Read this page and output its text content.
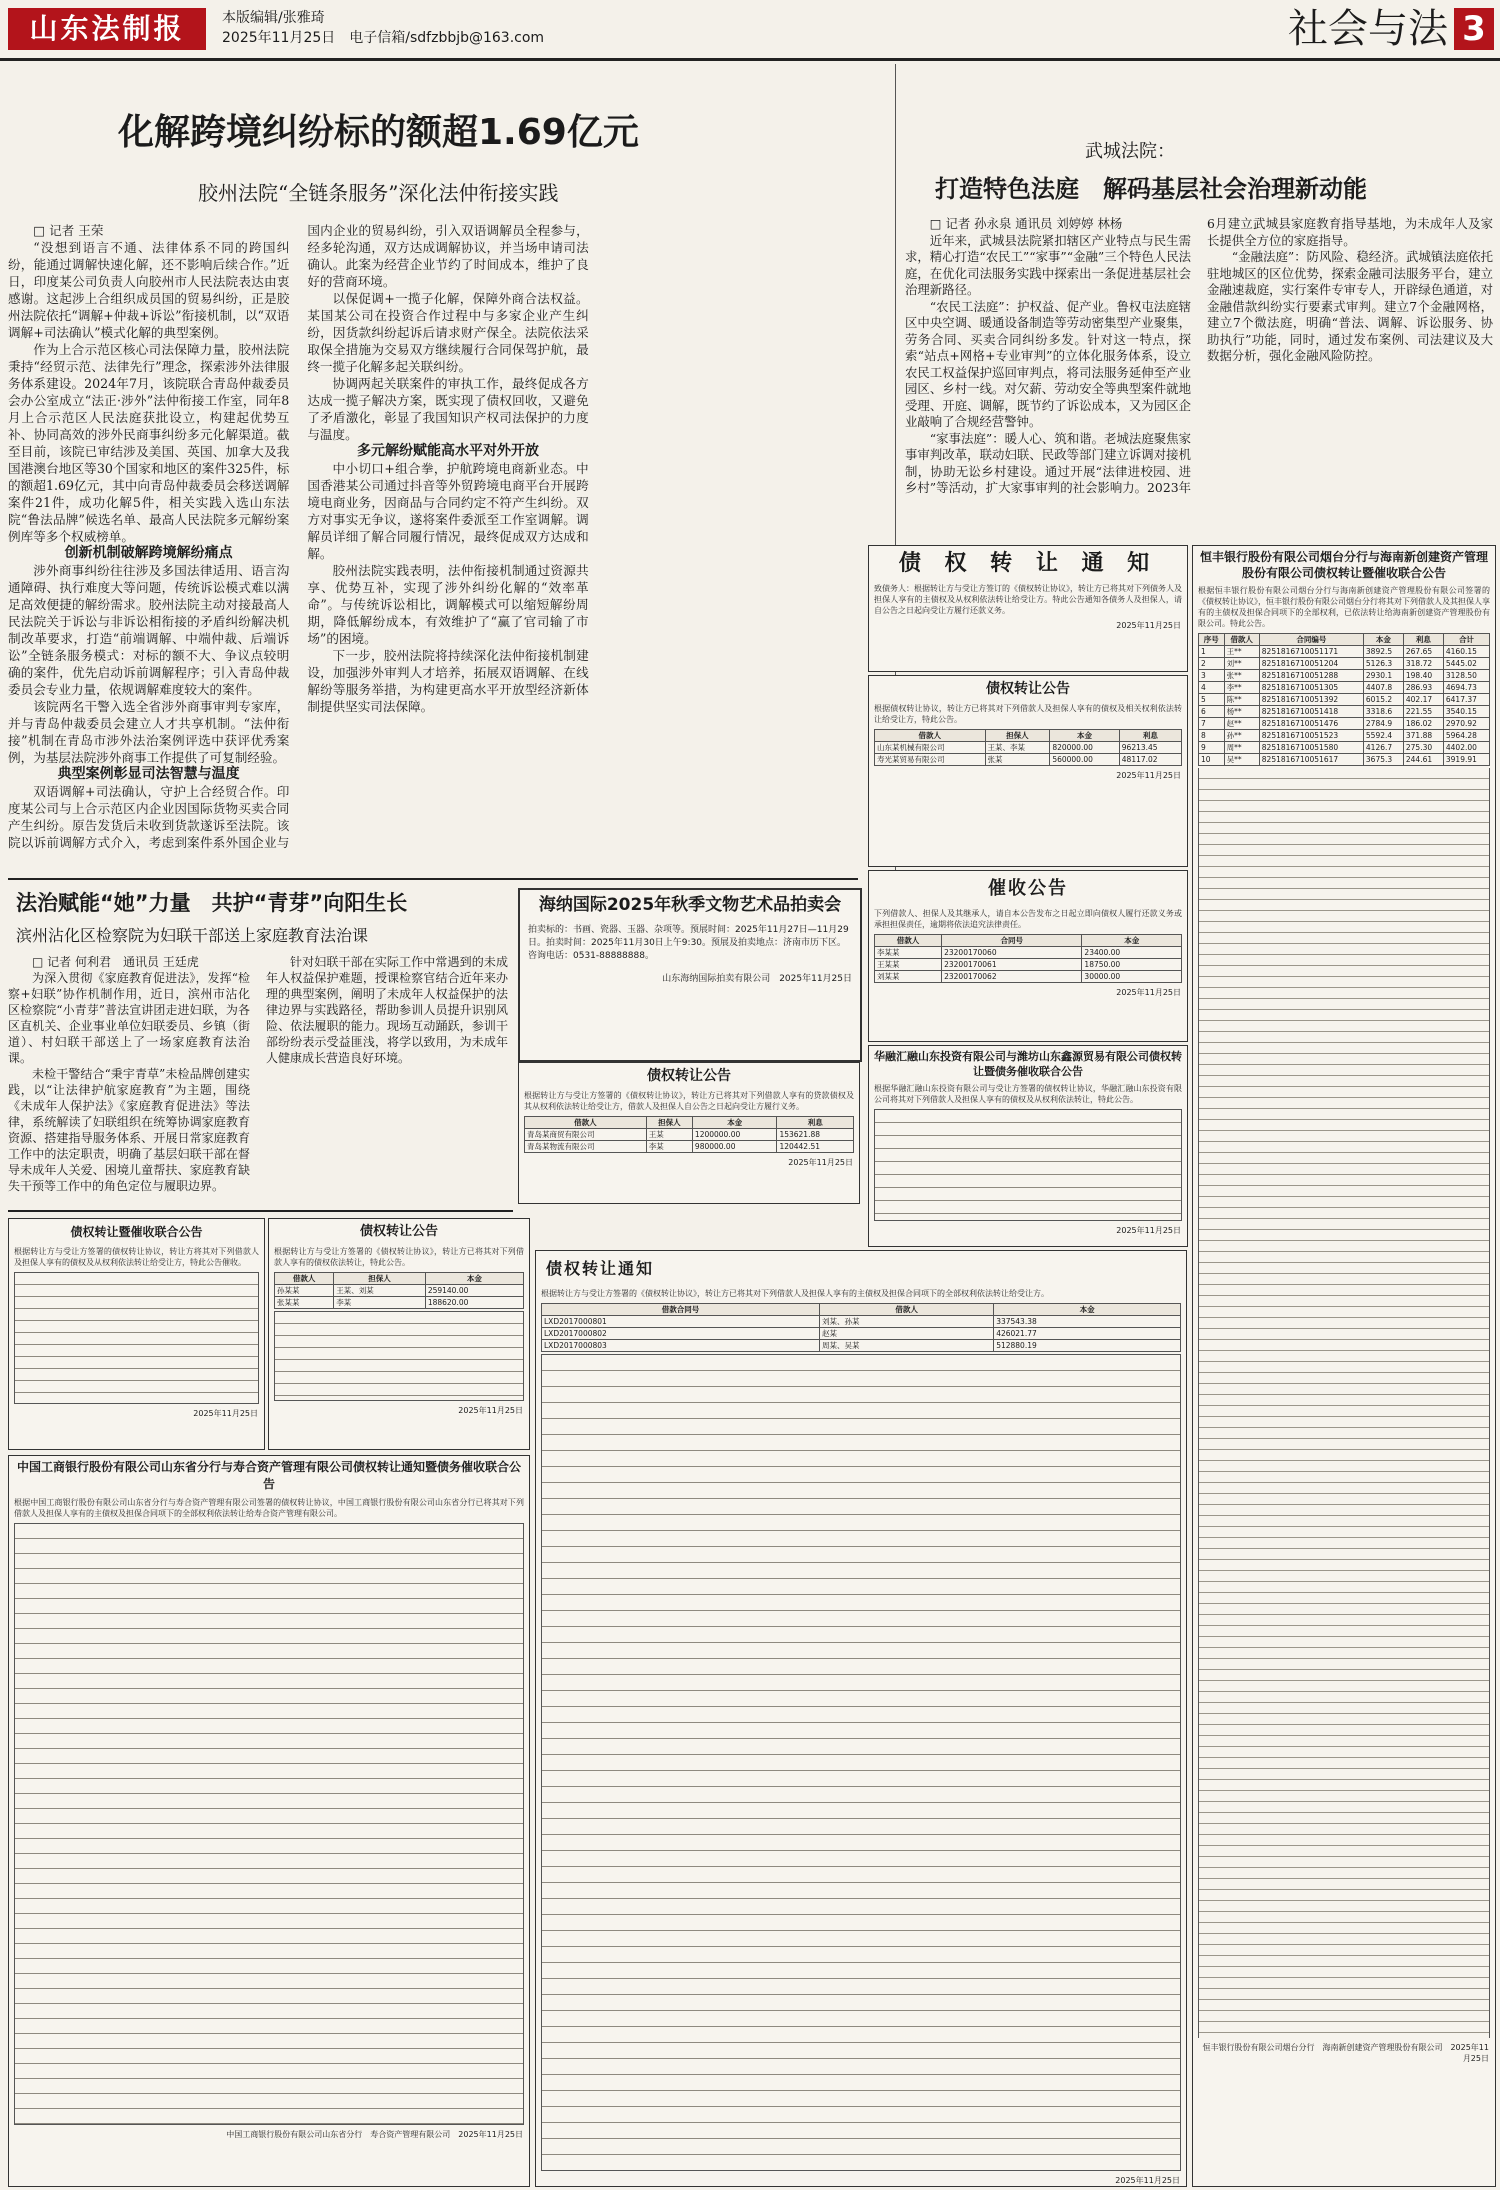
山东法制报	本版编辑/张雅琦
2025年11月25日　 电子信箱/sdfzbbjb@163.com	社会与法 3
化解跨境纠纷标的额超1.69亿元
胶州法院“全链条服务”深化法仲衔接实践

□ 记者 王荣

“没想到语言不通、法律体系不同的跨国纠纷，能通过调解快速化解，还不影响后续合作。”近日，印度某公司负责人向胶州市人民法院表达由衷感谢。这起涉上合组织成员国的贸易纠纷，正是胶州法院依托“调解+仲裁+诉讼”衔接机制，以“双语调解+司法确认”模式化解的典型案例。

作为上合示范区核心司法保障力量，胶州法院秉持“经贸示范、法律先行”理念，探索涉外法律服务体系建设。2024年7月，该院联合青岛仲裁委员会办公室成立“法正·涉外”法仲衔接工作室，同年8月上合示范区人民法庭获批设立，构建起优势互补、协同高效的涉外民商事纠纷多元化解渠道。截至目前，该院已审结涉及美国、英国、加拿大及我国港澳台地区等30个国家和地区的案件325件，标的额超1.69亿元，其中向青岛仲裁委员会移送调解案件21件，成功化解5件，相关实践入选山东法院“鲁法品牌”候选名单、最高人民法院多元解纷案例库等多个权威榜单。

创新机制破解跨境解纷痛点

涉外商事纠纷往往涉及多国法律适用、语言沟通障碍、执行难度大等问题，传统诉讼模式难以满足高效便捷的解纷需求。胶州法院主动对接最高人民法院关于诉讼与非诉讼相衔接的矛盾纠纷解决机制改革要求，打造“前端调解、中端仲裁、后端诉讼”全链条服务模式：对标的额不大、争议点较明确的案件，优先启动诉前调解程序；引入青岛仲裁委员会专业力量，依规调解难度较大的案件。

该院两名干警入选全省涉外商事审判专家库，并与青岛仲裁委员会建立人才共享机制。“法仲衔接”机制在青岛市涉外法治案例评选中获评优秀案例，为基层法院涉外商事工作提供了可复制经验。

典型案例彰显司法智慧与温度

双语调解+司法确认，守护上合经贸合作。印度某公司与上合示范区内企业因国际货物买卖合同产生纠纷。原告发货后未收到货款遂诉至法院。该院以诉前调解方式介入，考虑到案件系外国企业与国内企业的贸易纠纷，引入双语调解员全程参与，经多轮沟通，双方达成调解协议，并当场申请司法确认。此案为经营企业节约了时间成本，维护了良好的营商环境。

以保促调+一揽子化解，保障外商合法权益。某国某公司在投资合作过程中与多家企业产生纠纷，因货款纠纷起诉后请求财产保全。法院依法采取保全措施为交易双方继续履行合同保驾护航，最终一揽子化解多起关联纠纷。

协调两起关联案件的审执工作，最终促成各方达成一揽子解决方案，既实现了债权回收，又避免了矛盾激化，彰显了我国知识产权司法保护的力度与温度。

多元解纷赋能高水平对外开放

中小切口+组合拳，护航跨境电商新业态。中国香港某公司通过抖音等外贸跨境电商平台开展跨境电商业务，因商品与合同约定不符产生纠纷。双方对事实无争议，遂将案件委派至工作室调解。调解员详细了解合同履行情况，最终促成双方达成和解。

胶州法院实践表明，法仲衔接机制通过资源共享、优势互补，实现了涉外纠纷化解的“效率革命”。与传统诉讼相比，调解模式可以缩短解纷周期，降低解纷成本，有效维护了“赢了官司输了市场”的困境。

下一步，胶州法院将持续深化法仲衔接机制建设，加强涉外审判人才培养，拓展双语调解、在线解纷等服务举措，为构建更高水平开放型经济新体制提供坚实司法保障。

武城法院：
打造特色法庭　解码基层社会治理新动能

□ 记者 孙永泉 通讯员 刘婷婷 林杨

近年来，武城县法院紧扣辖区产业特点与民生需求，精心打造“农民工”“家事”“金融”三个特色人民法庭，在优化司法服务实践中探索出一条促进基层社会治理新路径。

“农民工法庭”：护权益、促产业。鲁权屯法庭辖区中央空调、暖通设备制造等劳动密集型产业聚集，劳务合同、买卖合同纠纷多发。针对这一特点，探索“站点+网格+专业审判”的立体化服务体系，设立农民工权益保护巡回审判点，将司法服务延伸至产业园区、乡村一线。对欠薪、劳动安全等典型案件就地受理、开庭、调解，既节约了诉讼成本，又为园区企业敲响了合规经营警钟。

“家事法庭”：暖人心、筑和谐。老城法庭聚焦家事审判改革，联动妇联、民政等部门建立诉调对接机制，协助无讼乡村建设。通过开展“法律进校园、进乡村”等活动，扩大家事审判的社会影响力。2023年6月建立武城县家庭教育指导基地，为未成年人及家长提供全方位的家庭指导。

“金融法庭”：防风险、稳经济。武城镇法庭依托驻地城区的区位优势，探索金融司法服务平台，建立金融速裁庭，实行案件专审专人，开辟绿色通道，对金融借款纠纷实行要素式审判。建立7个金融网格，建立7个微法庭，明确“普法、调解、诉讼服务、协助执行”功能，同时，通过发布案例、司法建议及大数据分析，强化金融风险防控。

债 权 转 让 通 知
致债务人：根据转让方与受让方签订的《债权转让协议》，转让方已将其对下列债务人及担保人享有的主债权及从权利依法转让给受让方。特此公告通知各债务人及担保人，请自公告之日起向受让方履行还款义务。
2025年11月25日
恒丰银行股份有限公司烟台分行与海南新创建资产管理股份有限公司债权转让暨催收联合公告
根据恒丰银行股份有限公司烟台分行与海南新创建资产管理股份有限公司签署的《债权转让协议》，恒丰银行股份有限公司烟台分行将其对下列借款人及其担保人享有的主债权及担保合同项下的全部权利，已依法转让给海南新创建资产管理股份有限公司。特此公告。
序号	借款人	合同编号	本金	利息	合计
1	王**	8251816710051171	3892.5	267.65	4160.15
2	刘**	8251816710051204	5126.3	318.72	5445.02
3	张**	8251816710051288	2930.1	198.40	3128.50
4	李**	8251816710051305	4407.8	286.93	4694.73
5	陈**	8251816710051392	6015.2	402.17	6417.37
6	杨**	8251816710051418	3318.6	221.55	3540.15
7	赵**	8251816710051476	2784.9	186.02	2970.92
8	孙**	8251816710051523	5592.4	371.88	5964.28
9	周**	8251816710051580	4126.7	275.30	4402.00
10	吴**	8251816710051617	3675.3	244.61	3919.91
恒丰银行股份有限公司烟台分行　海南新创建资产管理股份有限公司　2025年11月25日
债权转让公告
根据债权转让协议，转让方已将其对下列借款人及担保人享有的债权及相关权利依法转让给受让方，特此公告。
借款人	担保人	本金	利息
山东某机械有限公司	王某、李某	820000.00	96213.45
寿光某贸易有限公司	张某	560000.00	48117.02
2025年11月25日
法治赋能“她”力量　共护“青芽”向阳生长
滨州沾化区检察院为妇联干部送上家庭教育法治课

□ 记者 何利君　通讯员 王廷虎

为深入贯彻《家庭教育促进法》，发挥“检察+妇联”协作机制作用，近日，滨州市沾化区检察院“小青芽”普法宣讲团走进妇联，为各区直机关、企业事业单位妇联委员、乡镇（街道）、村妇联干部送上了一场家庭教育法治课。

未检干警结合“秉宇青草”未检品牌创建实践，以“让法律护航家庭教育”为主题，围绕《未成年人保护法》《家庭教育促进法》等法律，系统解读了妇联组织在统筹协调家庭教育资源、搭建指导服务体系、开展日常家庭教育工作中的法定职责，明确了基层妇联干部在督导未成年人关爱、困境儿童帮扶、家庭教育缺失干预等工作中的角色定位与履职边界。

针对妇联干部在实际工作中常遇到的未成年人权益保护难题，授课检察官结合近年来办理的典型案例，阐明了未成年人权益保护的法律边界与实践路径，帮助参训人员提升识别风险、依法履职的能力。现场互动踊跃，参训干部纷纷表示受益匪浅，将学以致用，为未成年人健康成长营造良好环境。

海纳国际2025年秋季文物艺术品拍卖会
拍卖标的：书画、瓷器、玉器、杂项等。预展时间：2025年11月27日—11月29日。拍卖时间：2025年11月30日上午9:30。预展及拍卖地点：济南市历下区。咨询电话：0531-88888888。
山东海纳国际拍卖有限公司　2025年11月25日
债权转让公告
根据转让方与受让方签署的《债权转让协议》，转让方已将其对下列借款人享有的贷款债权及其从权利依法转让给受让方，借款人及担保人自公告之日起向受让方履行义务。
借款人	担保人	本金	利息
青岛某商贸有限公司	王某	1200000.00	153621.88
青岛某物流有限公司	李某	980000.00	120442.51
2025年11月25日
催收公告
下列借款人、担保人及其继承人，请自本公告发布之日起立即向债权人履行还款义务或承担担保责任，逾期将依法追究法律责任。
借款人	合同号	本金
李某某	23200170060	23400.00
王某某	23200170061	18750.00
刘某某	23200170062	30000.00
2025年11月25日
华融汇融山东投资有限公司与潍坊山东鑫源贸易有限公司债权转让暨债务催收联合公告
根据华融汇融山东投资有限公司与受让方签署的债权转让协议，华融汇融山东投资有限公司将其对下列借款人及担保人享有的债权及从权利依法转让，特此公告。
2025年11月25日
债权转让暨催收联合公告
根据转让方与受让方签署的债权转让协议，转让方将其对下列借款人及担保人享有的债权及从权利依法转让给受让方，特此公告催收。
2025年11月25日
债权转让公告
根据转让方与受让方签署的《债权转让协议》，转让方已将其对下列借款人享有的债权依法转让，特此公告。
借款人	担保人	本金
孙某某	王某、刘某	259140.00
张某某	李某	188620.00
2025年11月25日
中国工商银行股份有限公司山东省分行与寿合资产管理有限公司债权转让通知暨债务催收联合公告
根据中国工商银行股份有限公司山东省分行与寿合资产管理有限公司签署的债权转让协议，中国工商银行股份有限公司山东省分行已将其对下列借款人及担保人享有的主债权及担保合同项下的全部权利依法转让给寿合资产管理有限公司。
中国工商银行股份有限公司山东省分行　寿合资产管理有限公司　2025年11月25日
债权转让通知
根据转让方与受让方签署的《债权转让协议》，转让方已将其对下列借款人及担保人享有的主债权及担保合同项下的全部权利依法转让给受让方。
借款合同号	借款人	本金
LXD2017000801	刘某、孙某	337543.38
LXD2017000802	赵某	426021.77
LXD2017000803	周某、吴某	512880.19
2025年11月25日
